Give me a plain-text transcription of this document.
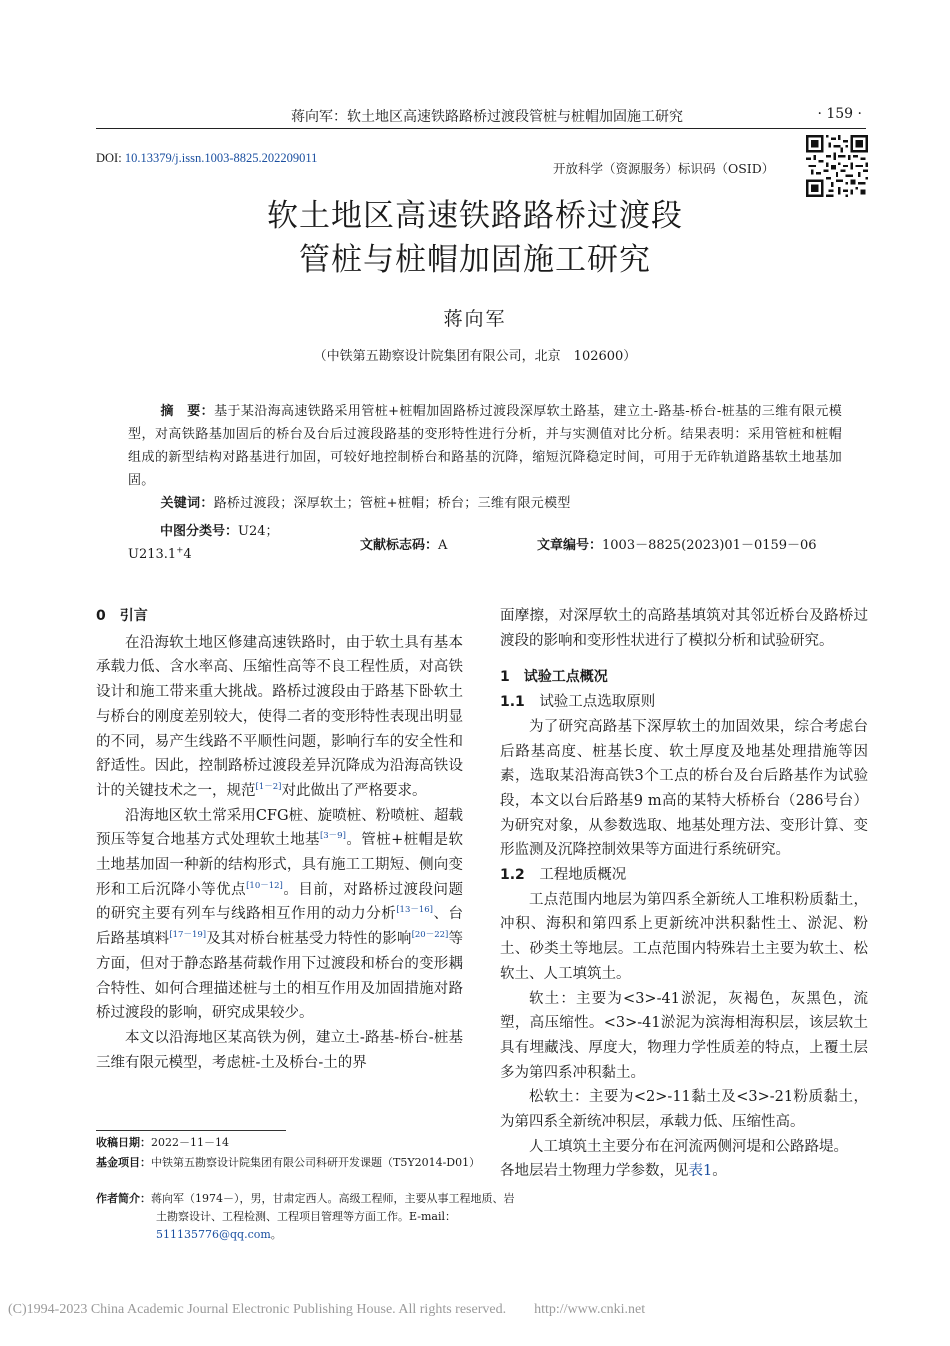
蒋向军：软土地区高速铁路路桥过渡段管桩与桩帽加固施工研究	· 159 ·
DOI: 10.13379/j.issn.1003-8825.202209011
开放科学（资源服务）标识码（OSID）
软土地区高速铁路路桥过渡段
管桩与桩帽加固施工研究
蒋向军
（中铁第五勘察设计院集团有限公司，北京　102600）
摘　要：基于某沿海高速铁路采用管桩+桩帽加固路桥过渡段深厚软土路基，建立土-路基-桥台-桩基的三维有限元模型，对高铁路基加固后的桥台及台后过渡段路基的变形特性进行分析，并与实测值对比分析。结果表明：采用管桩和桩帽组成的新型结构对路基进行加固，可较好地控制桥台和路基的沉降，缩短沉降稳定时间，可用于无砟轨道路基软土地基加固。
关键词：路桥过渡段；深厚软土；管桩+桩帽；桥台；三维有限元模型
中图分类号：U24；
U213.1+4
文献标志码：A	文章编号：1003－8825(2023)01－0159－06
0　引言

在沿海软土地区修建高速铁路时，由于软土具有基本承载力低、含水率高、压缩性高等不良工程性质，对高铁设计和施工带来重大挑战。路桥过渡段由于路基下卧软土与桥台的刚度差别较大，使得二者的变形特性表现出明显的不同，易产生线路不平顺性问题，影响行车的安全性和舒适性。因此，控制路桥过渡段差异沉降成为沿海高铁设计的关键技术之一，规范[1－2]对此做出了严格要求。

沿海地区软土常采用CFG桩、旋喷桩、粉喷桩、超载预压等复合地基方式处理软土地基[3－9]。管桩+桩帽是软土地基加固一种新的结构形式，具有施工工期短、侧向变形和工后沉降小等优点[10－12]。目前，对路桥过渡段问题的研究主要有列车与线路相互作用的动力分析[13－16]、台后路基填料[17－19]及其对桥台桩基受力特性的影响[20－22]等方面，但对于静态路基荷载作用下过渡段和桥台的变形耦合特性、如何合理描述桩与土的相互作用及加固措施对路桥过渡段的影响，研究成果较少。

本文以沿海地区某高铁为例，建立土-路基-桥台-桩基三维有限元模型，考虑桩-土及桥台-土的界

收稿日期：2022－11－14
基金项目：中铁第五勘察设计院集团有限公司科研开发课题（T5Y2014-D01）
作者简介：蒋向军（1974－），男，甘肃定西人。高级工程师，主要从事工程地质、岩土勘察设计、工程检测、工程项目管理等方面工作。E-mail：511135776@qq.com。

面摩擦，对深厚软土的高路基填筑对其邻近桥台及路桥过渡段的影响和变形性状进行了模拟分析和试验研究。

1　试验工点概况
1.1　 试验工点选取原则

为了研究高路基下深厚软土的加固效果，综合考虑台后路基高度、桩基长度、软土厚度及地基处理措施等因素，选取某沿海高铁3个工点的桥台及台后路基作为试验段，本文以台后路基9 m高的某特大桥桥台（286号台）为研究对象，从参数选取、地基处理方法、变形计算、变形监测及沉降控制效果等方面进行系统研究。

1.2　 工程地质概况

工点范围内地层为第四系全新统人工堆积粉质黏土，冲积、海积和第四系上更新统冲洪积黏性土、淤泥、粉土、砂类土等地层。工点范围内特殊岩土主要为软土、松软土、人工填筑土。

软土：主要为<3>-41淤泥，灰褐色，灰黑色，流塑，高压缩性。<3>-41淤泥为滨海相海积层，该层软土具有埋藏浅、厚度大，物理力学性质差的特点，上覆土层多为第四系冲积黏土。

松软土：主要为<2>-11黏土及<3>-21粉质黏土，为第四系全新统冲积层，承载力低、压缩性高。

人工填筑土主要分布在河流两侧河堤和公路路堤。

各地层岩土物理力学参数，见表1。

(C)1994-2023 China Academic Journal Electronic Publishing House. All rights reserved.　　http://www.cnki.net
